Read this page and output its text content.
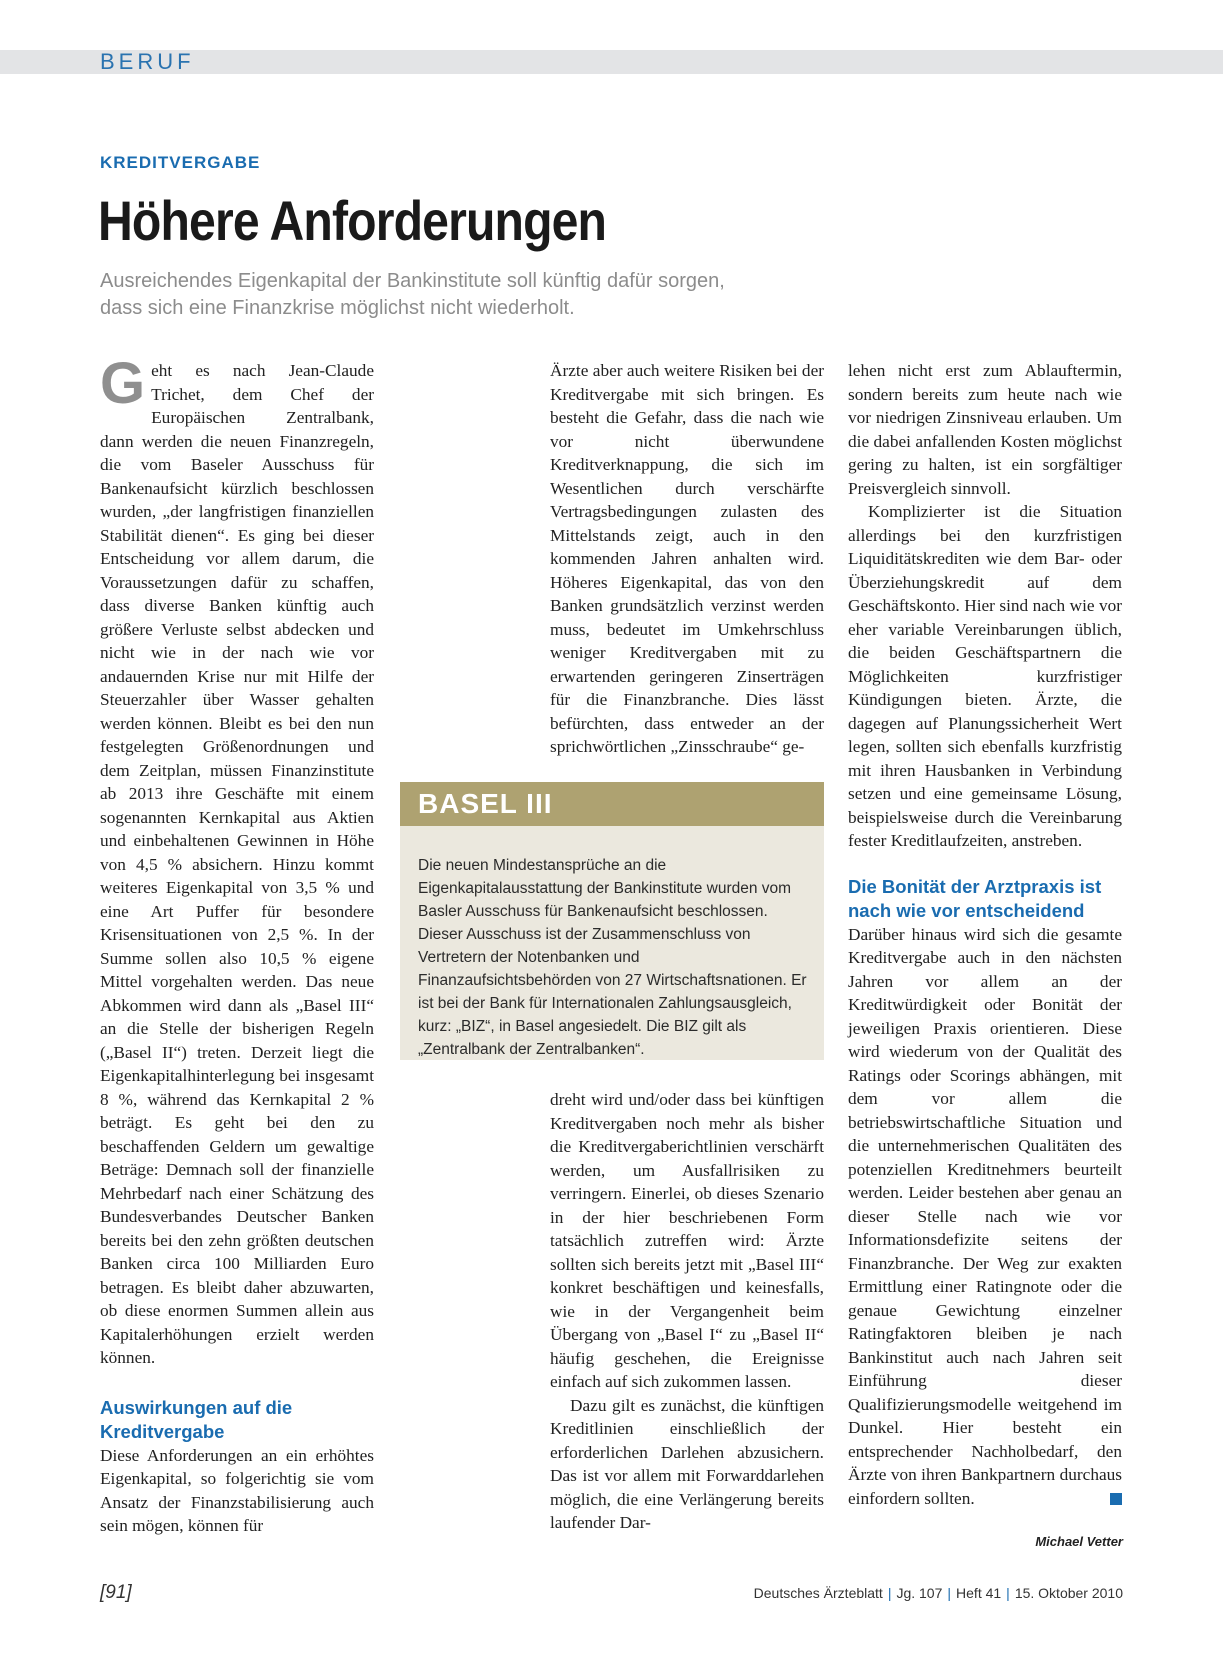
BERUF
KREDITVERGABE
Höhere Anforderungen
Ausreichendes Eigenkapital der Bankinstitute soll künftig dafür sorgen,
dass sich eine Finanzkrise möglichst nicht wiederholt.

Geht es nach Jean-Claude Trichet, dem Chef der Europäischen Zentralbank, dann werden die neuen Finanzregeln, die vom Baseler Ausschuss für Bankenaufsicht kürzlich beschlossen wurden, „der langfristigen finanziellen Stabilität dienen“. Es ging bei dieser Entscheidung vor allem darum, die Voraussetzungen dafür zu schaffen, dass diverse Banken künftig auch größere Verluste selbst abdecken und nicht wie in der nach wie vor andauernden Krise nur mit Hilfe der Steuerzahler über Wasser gehalten werden können. Bleibt es bei den nun festgelegten Größenordnungen und dem Zeitplan, müssen Finanzinstitute ab 2013 ihre Geschäfte mit einem sogenannten Kernkapital aus Aktien und einbehaltenen Gewinnen in Höhe von 4,5 % absichern. Hinzu kommt weiteres Eigenkapital von 3,5 % und eine Art Puffer für besondere Krisensituationen von 2,5 %. In der Summe sollen also 10,5 % eigene Mittel vorgehalten werden. Das neue Abkommen wird dann als „Basel III“ an die Stelle der bisherigen Regeln („Basel II“) treten. Derzeit liegt die Eigenkapitalhinterlegung bei insgesamt 8 %, während das Kernkapital 2 % beträgt. Es geht bei den zu beschaffenden Geldern um gewaltige Beträge: Demnach soll der finanzielle Mehrbedarf nach einer Schätzung des Bundesverbandes Deutscher Banken bereits bei den zehn größten deutschen Banken circa 100 Milliarden Euro betragen. Es bleibt daher abzuwarten, ob diese enormen Summen allein aus Kapitalerhöhungen erzielt werden können.

Auswirkungen auf die Kreditvergabe

Diese Anforderungen an ein erhöhtes Eigenkapital, so folgerichtig sie vom Ansatz der Finanzstabilisierung auch sein mögen, können für

Ärzte aber auch weitere Risiken bei der Kreditvergabe mit sich bringen. Es besteht die Gefahr, dass die nach wie vor nicht überwundene Kreditverknappung, die sich im Wesentlichen durch verschärfte Vertragsbedingungen zulasten des Mittelstands zeigt, auch in den kommenden Jahren anhalten wird. Höheres Eigenkapital, das von den Banken grundsätzlich verzinst werden muss, bedeutet im Umkehrschluss weniger Kreditvergaben mit zu erwartenden geringeren Zinserträgen für die Finanzbranche. Dies lässt befürchten, dass entweder an der sprichwörtlichen „Zinsschraube“ ge-

BASEL III
Die neuen Mindestansprüche an die Eigenkapitalausstattung der Bankinstitute wurden vom Basler Ausschuss für Bankenaufsicht beschlossen. Dieser Ausschuss ist der Zusammenschluss von Vertretern der Notenbanken und Finanzaufsichtsbehörden von 27 Wirtschaftsnationen. Er ist bei der Bank für Internationalen Zahlungsausgleich, kurz: „BIZ“, in Basel angesiedelt. Die BIZ gilt als „Zentralbank der Zentralbanken“.

dreht wird und/oder dass bei künftigen Kreditvergaben noch mehr als bisher die Kreditvergaberichtlinien verschärft werden, um Ausfallrisiken zu verringern. Einerlei, ob dieses Szenario in der hier beschriebenen Form tatsächlich zutreffen wird: Ärzte sollten sich bereits jetzt mit „Basel III“ konkret beschäftigen und keinesfalls, wie in der Vergangenheit beim Übergang von „Basel I“ zu „Basel II“ häufig geschehen, die Ereignisse einfach auf sich zukommen lassen.

Dazu gilt es zunächst, die künftigen Kreditlinien einschließlich der erforderlichen Darlehen abzusichern. Das ist vor allem mit Forwarddarlehen möglich, die eine Verlängerung bereits laufender Dar-

lehen nicht erst zum Ablauftermin, sondern bereits zum heute nach wie vor niedrigen Zinsniveau erlauben. Um die dabei anfallenden Kosten möglichst gering zu halten, ist ein sorgfältiger Preisvergleich sinnvoll.

Komplizierter ist die Situation allerdings bei den kurzfristigen Liquiditätskrediten wie dem Bar- oder Überziehungskredit auf dem Geschäftskonto. Hier sind nach wie vor eher variable Vereinbarungen üblich, die beiden Geschäftspartnern die Möglichkeiten kurzfristiger Kündigungen bieten. Ärzte, die dagegen auf Planungssicherheit Wert legen, sollten sich ebenfalls kurzfristig mit ihren Hausbanken in Verbindung setzen und eine gemeinsame Lösung, beispielsweise durch die Vereinbarung fester Kreditlaufzeiten, anstreben.

Die Bonität der Arztpraxis ist nach wie vor entscheidend

Darüber hinaus wird sich die gesamte Kreditvergabe auch in den nächsten Jahren vor allem an der Kreditwürdigkeit oder Bonität der jeweiligen Praxis orientieren. Diese wird wiederum von der Qualität des Ratings oder Scorings abhängen, mit dem vor allem die betriebswirtschaftliche Situation und die unternehmerischen Qualitäten des potenziellen Kreditnehmers beurteilt werden. Leider bestehen aber genau an dieser Stelle nach wie vor Informationsdefizite seitens der Finanzbranche. Der Weg zur exakten Ermittlung einer Ratingnote oder die genaue Gewichtung einzelner Ratingfaktoren bleiben je nach Bankinstitut auch nach Jahren seit Einführung dieser Qualifizierungsmodelle weitgehend im Dunkel. Hier besteht ein entsprechender Nachholbedarf, den Ärzte von ihren Bankpartnern durchaus einfordern sollten.

Michael Vetter
[91]	Deutsches Ärzteblatt | Jg. 107 | Heft 41 | 15. Oktober 2010
